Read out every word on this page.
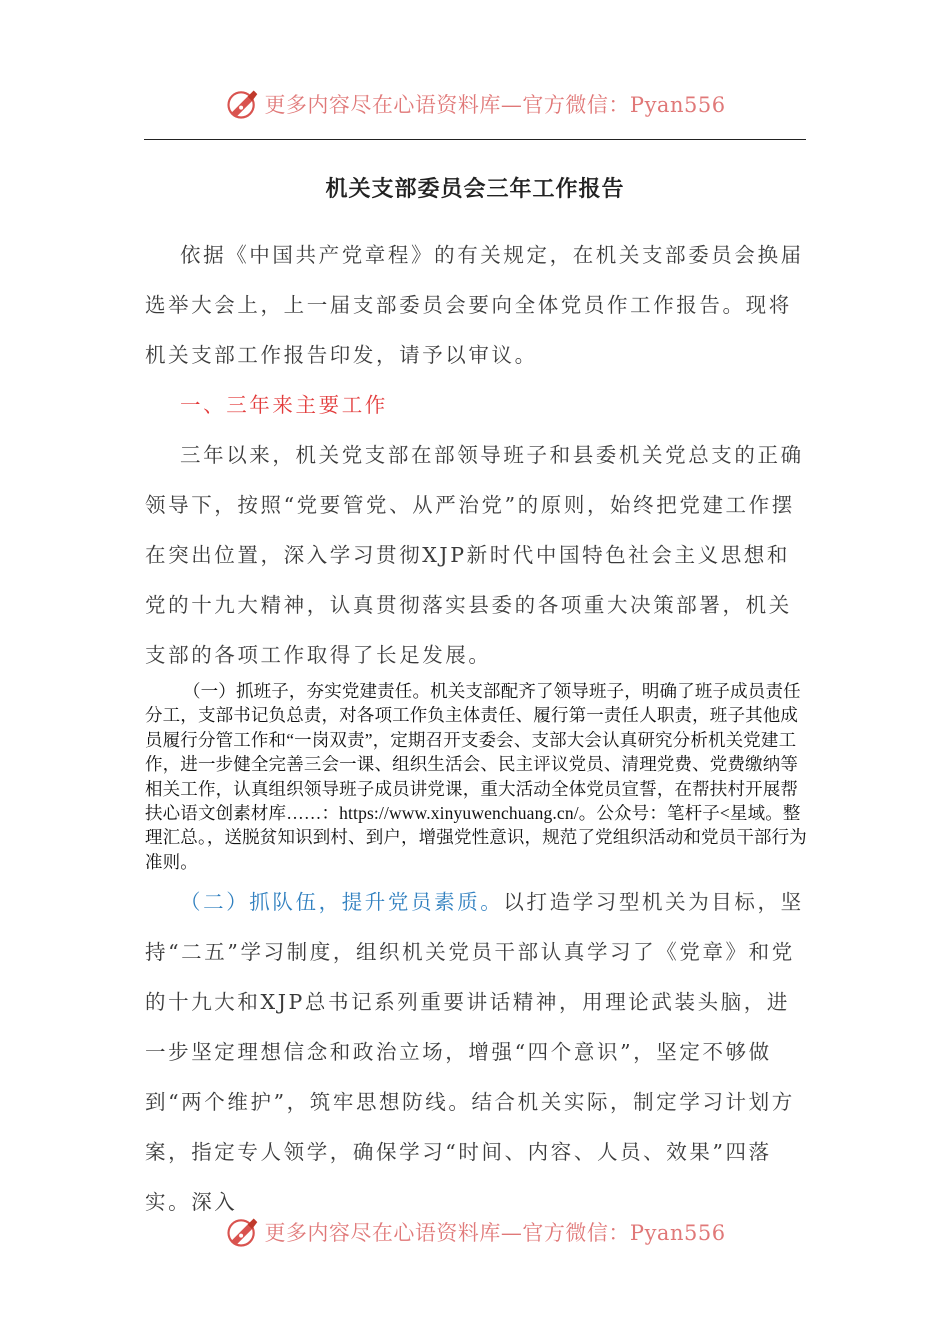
更多内容尽在心语资料库—官方微信：Pyan556
机关支部委员会三年工作报告

依据《中国共产党章程》的有关规定，在机关支部委员会换届选举大会上，上一届支部委员会要向全体党员作工作报告。现将机关支部工作报告印发，请予以审议。

一、三年来主要工作

三年以来，机关党支部在部领导班子和县委机关党总支的正确领导下，按照“党要管党、从严治党”的原则，始终把党建工作摆在突出位置，深入学习贯彻XJP新时代中国特色社会主义思想和党的十九大精神，认真贯彻落实县委的各项重大决策部署，机关支部的各项工作取得了长足发展。

（一）抓班子，夯实党建责任。机关支部配齐了领导班子，明确了班子成员责任分工，支部书记负总责，对各项工作负主体责任、履行第一责任人职责，班子其他成员履行分管工作和“一岗双责”，定期召开支委会、支部大会认真研究分析机关党建工作，进一步健全完善三会一课、组织生活会、民主评议党员、清理党费、党费缴纳等相关工作，认真组织领导班子成员讲党课，重大活动全体党员宣誓，在帮扶村开展帮扶心语文创素材库……：https://www.xinyuwenchuang.cn/。公众号：笔杆子<星域。整理汇总。，送脱贫知识到村、到户，增强党性意识，规范了党组织活动和党员干部行为准则。

（二）抓队伍，提升党员素质。以打造学习型机关为目标，坚持“二五”学习制度，组织机关党员干部认真学习了《党章》和党的十九大和XJP总书记系列重要讲话精神，用理论武装头脑，进一步坚定理想信念和政治立场，增强“四个意识”，坚定不够做到“两个维护”，筑牢思想防线。结合机关实际，制定学习计划方案，指定专人领学，确保学习“时间、内容、人员、效果”四落实。深入

更多内容尽在心语资料库—官方微信：Pyan556
